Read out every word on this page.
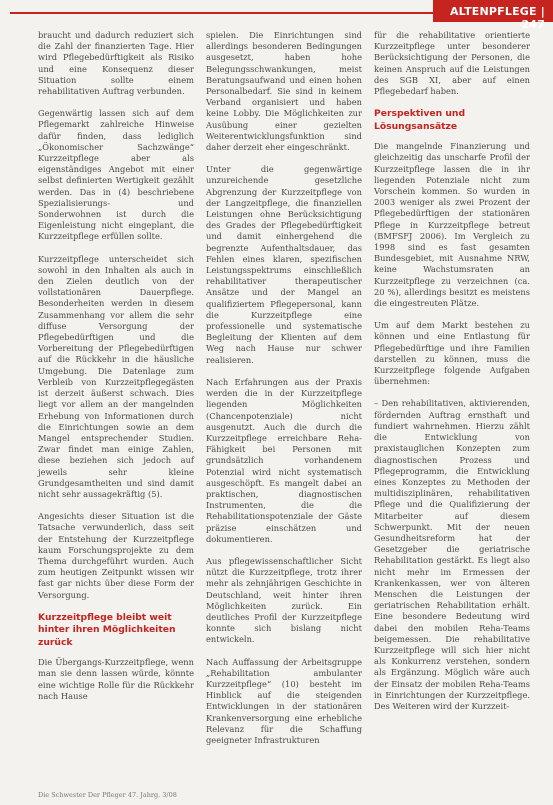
ALTENPFLEGE | 247

braucht und dadurch reduziert sich die Zahl der finanzierten Tage. Hier wird Pflegebedürftigkeit als Risiko und eine Konsequenz dieser Situation sollte einem rehabilitativen Auftrag verbunden.

Gegenwärtig lassen sich auf dem Pflegemarkt zahlreiche Hinweise dafür finden, dass lediglich „Ökonomischer Sachzwänge“ Kurzzeitpflege aber als eigenständiges Angebot mit einer selbst definierten Wertigkeit gezählt werden. Das in (4) beschriebene Spezialisierungs- und Sonderwohnen ist durch die Eigenleistung nicht eingeplant, die Kurzzeitpflege erfüllen sollte.

Kurzzeitpflege unterscheidet sich sowohl in den Inhalten als auch in den Zielen deutlich von der vollstationären Dauerpflege. Besonderheiten werden in diesem Zusammenhang vor allem die sehr diffuse Versorgung der Pflegebedürftigen und die Vorbereitung der Pflegebedürftigen auf die Rückkehr in die häusliche Umgebung. Die Datenlage zum Verbleib von Kurzzeitpflegegästen ist derzeit äußerst schwach. Dies liegt vor allem an der mangelnden Erhebung von Informationen durch die Einrichtungen sowie an dem Mangel entsprechender Studien. Zwar findet man einige Zahlen, diese beziehen sich jedoch auf jeweils sehr kleine Grundgesamtheiten und sind damit nicht sehr aussagekräftig (5).

Angesichts dieser Situation ist die Tatsache verwunderlich, dass seit der Entstehung der Kurzzeitpflege kaum Forschungsprojekte zu dem Thema durchgeführt wurden. Auch zum heutigen Zeitpunkt wissen wir fast gar nichts über diese Form der Versorgung.

Kurzzeitpflege bleibt weit hinter ihren Möglichkeiten zurück

Die Übergangs-Kurzzeitpflege, wenn man sie denn lassen würde, könnte eine wichtige Rolle für die Rückkehr nach Hause

spielen. Die Einrichtungen sind allerdings besonderen Bedingungen ausgesetzt, haben hohe Belegungsschwankungen, meist Beratungsaufwand und einen hohen Personalbedarf. Sie sind in keinem Verband organisiert und haben keine Lobby. Die Möglichkeiten zur Ausübung einer gezielten Weiterentwicklungsfunktion sind daher derzeit eher eingeschränkt.

Unter die gegenwärtige unzureichende gesetzliche Abgrenzung der Kurzzeitpflege von der Langzeitpflege, die finanziellen Leistungen ohne Berücksichtigung des Grades der Pflegebedürftigkeit und damit einhergehend die begrenzte Aufenthaltsdauer, das Fehlen eines klaren, spezifischen Leistungsspektrums einschließlich rehabilitativer therapeutischer Ansätze und der Mangel an qualifiziertem Pflegepersonal, kann die Kurzzeitpflege eine professionelle und systematische Begleitung der Klienten auf dem Weg nach Hause nur schwer realisieren.

Nach Erfahrungen aus der Praxis werden die in der Kurzzeitpflege liegenden Möglichkeiten (Chancenpotenziale) nicht ausgenutzt. Auch die durch die Kurzzeitpflege erreichbare Reha-Fähigkeit bei Personen mit grundsätzlich vorhandenem Potenzial wird nicht systematisch ausgeschöpft. Es mangelt dabei an praktischen, diagnostischen Instrumenten, die die Rehabilitationspotenziale der Gäste präzise einschätzen und dokumentieren.

Aus pflegewissenschaftlicher Sicht nützt die Kurzzeitpflege, trotz ihrer mehr als zehnjährigen Geschichte in Deutschland, weit hinter ihren Möglichkeiten zurück. Ein deutliches Profil der Kurzzeitpflege konnte sich bislang nicht entwickeln.

Nach Auffassung der Arbeitsgruppe „Rehabilitation ambulanter Kurzzeitpflege“ (10) besteht im Hinblick auf die steigenden Entwicklungen in der stationären Krankenversorgung eine erhebliche Relevanz für die Schaffung geeigneter Infrastrukturen

für die rehabilitative orientierte Kurzzeitpflege unter besonderer Berücksichtigung der Personen, die keinen Anspruch auf die Leistungen des SGB XI, aber auf einen Pflegebedarf haben.

Perspektiven und Lösungsansätze

Die mangelnde Finanzierung und gleichzeitig das unscharfe Profil der Kurzzeitpflege lassen die in ihr liegenden Potenziale nicht zum Vorschein kommen. So wurden in 2003 weniger als zwei Prozent der Pflegebedürftigen der stationären Pflege in Kurzzeitpflege betreut (BMFSFJ 2006). Im Vergleich zu 1998 sind es fast gesamten Bundesgebiet, mit Ausnahme NRW, keine Wachstumsraten an Kurzzeitpflege zu verzeichnen (ca. 20 %), allerdings besitzt es meistens die eingestreuten Plätze.

Um auf dem Markt bestehen zu können und eine Entlastung für Pflegebedürftige und ihre Familien darstellen zu können, muss die Kurzzeitpflege folgende Aufgaben übernehmen:

– Den rehabilitativen, aktivierenden, fördernden Auftrag ernsthaft und fundiert wahrnehmen. Hierzu zählt die Entwicklung von praxistauglichen Konzepten zum diagnostischen Prozess und Pflegeprogramm, die Entwicklung eines Konzeptes zu Methoden der multidisziplinären, rehabilitativen Pflege und die Qualifizierung der Mitarbeiter auf diesem Schwerpunkt. Mit der neuen Gesundheitsreform hat der Gesetzgeber die geriatrische Rehabilitation gestärkt. Es liegt also nicht mehr im Ermessen der Krankenkassen, wer von älteren Menschen die Leistungen der geriatrischen Rehabilitation erhält. Eine besondere Bedeutung wird dabei den mobilen Reha-Teams beigemessen. Die rehabilitative Kurzzeitpflege will sich hier nicht als Konkurrenz verstehen, sondern als Ergänzung. Möglich wäre auch der Einsatz der mobilen Reha-Teams in Einrichtungen der Kurzzeitpflege. Des Weiteren wird der Kurzzeit-

Die Schwester Der Pfleger 47. Jahrg. 3/08
